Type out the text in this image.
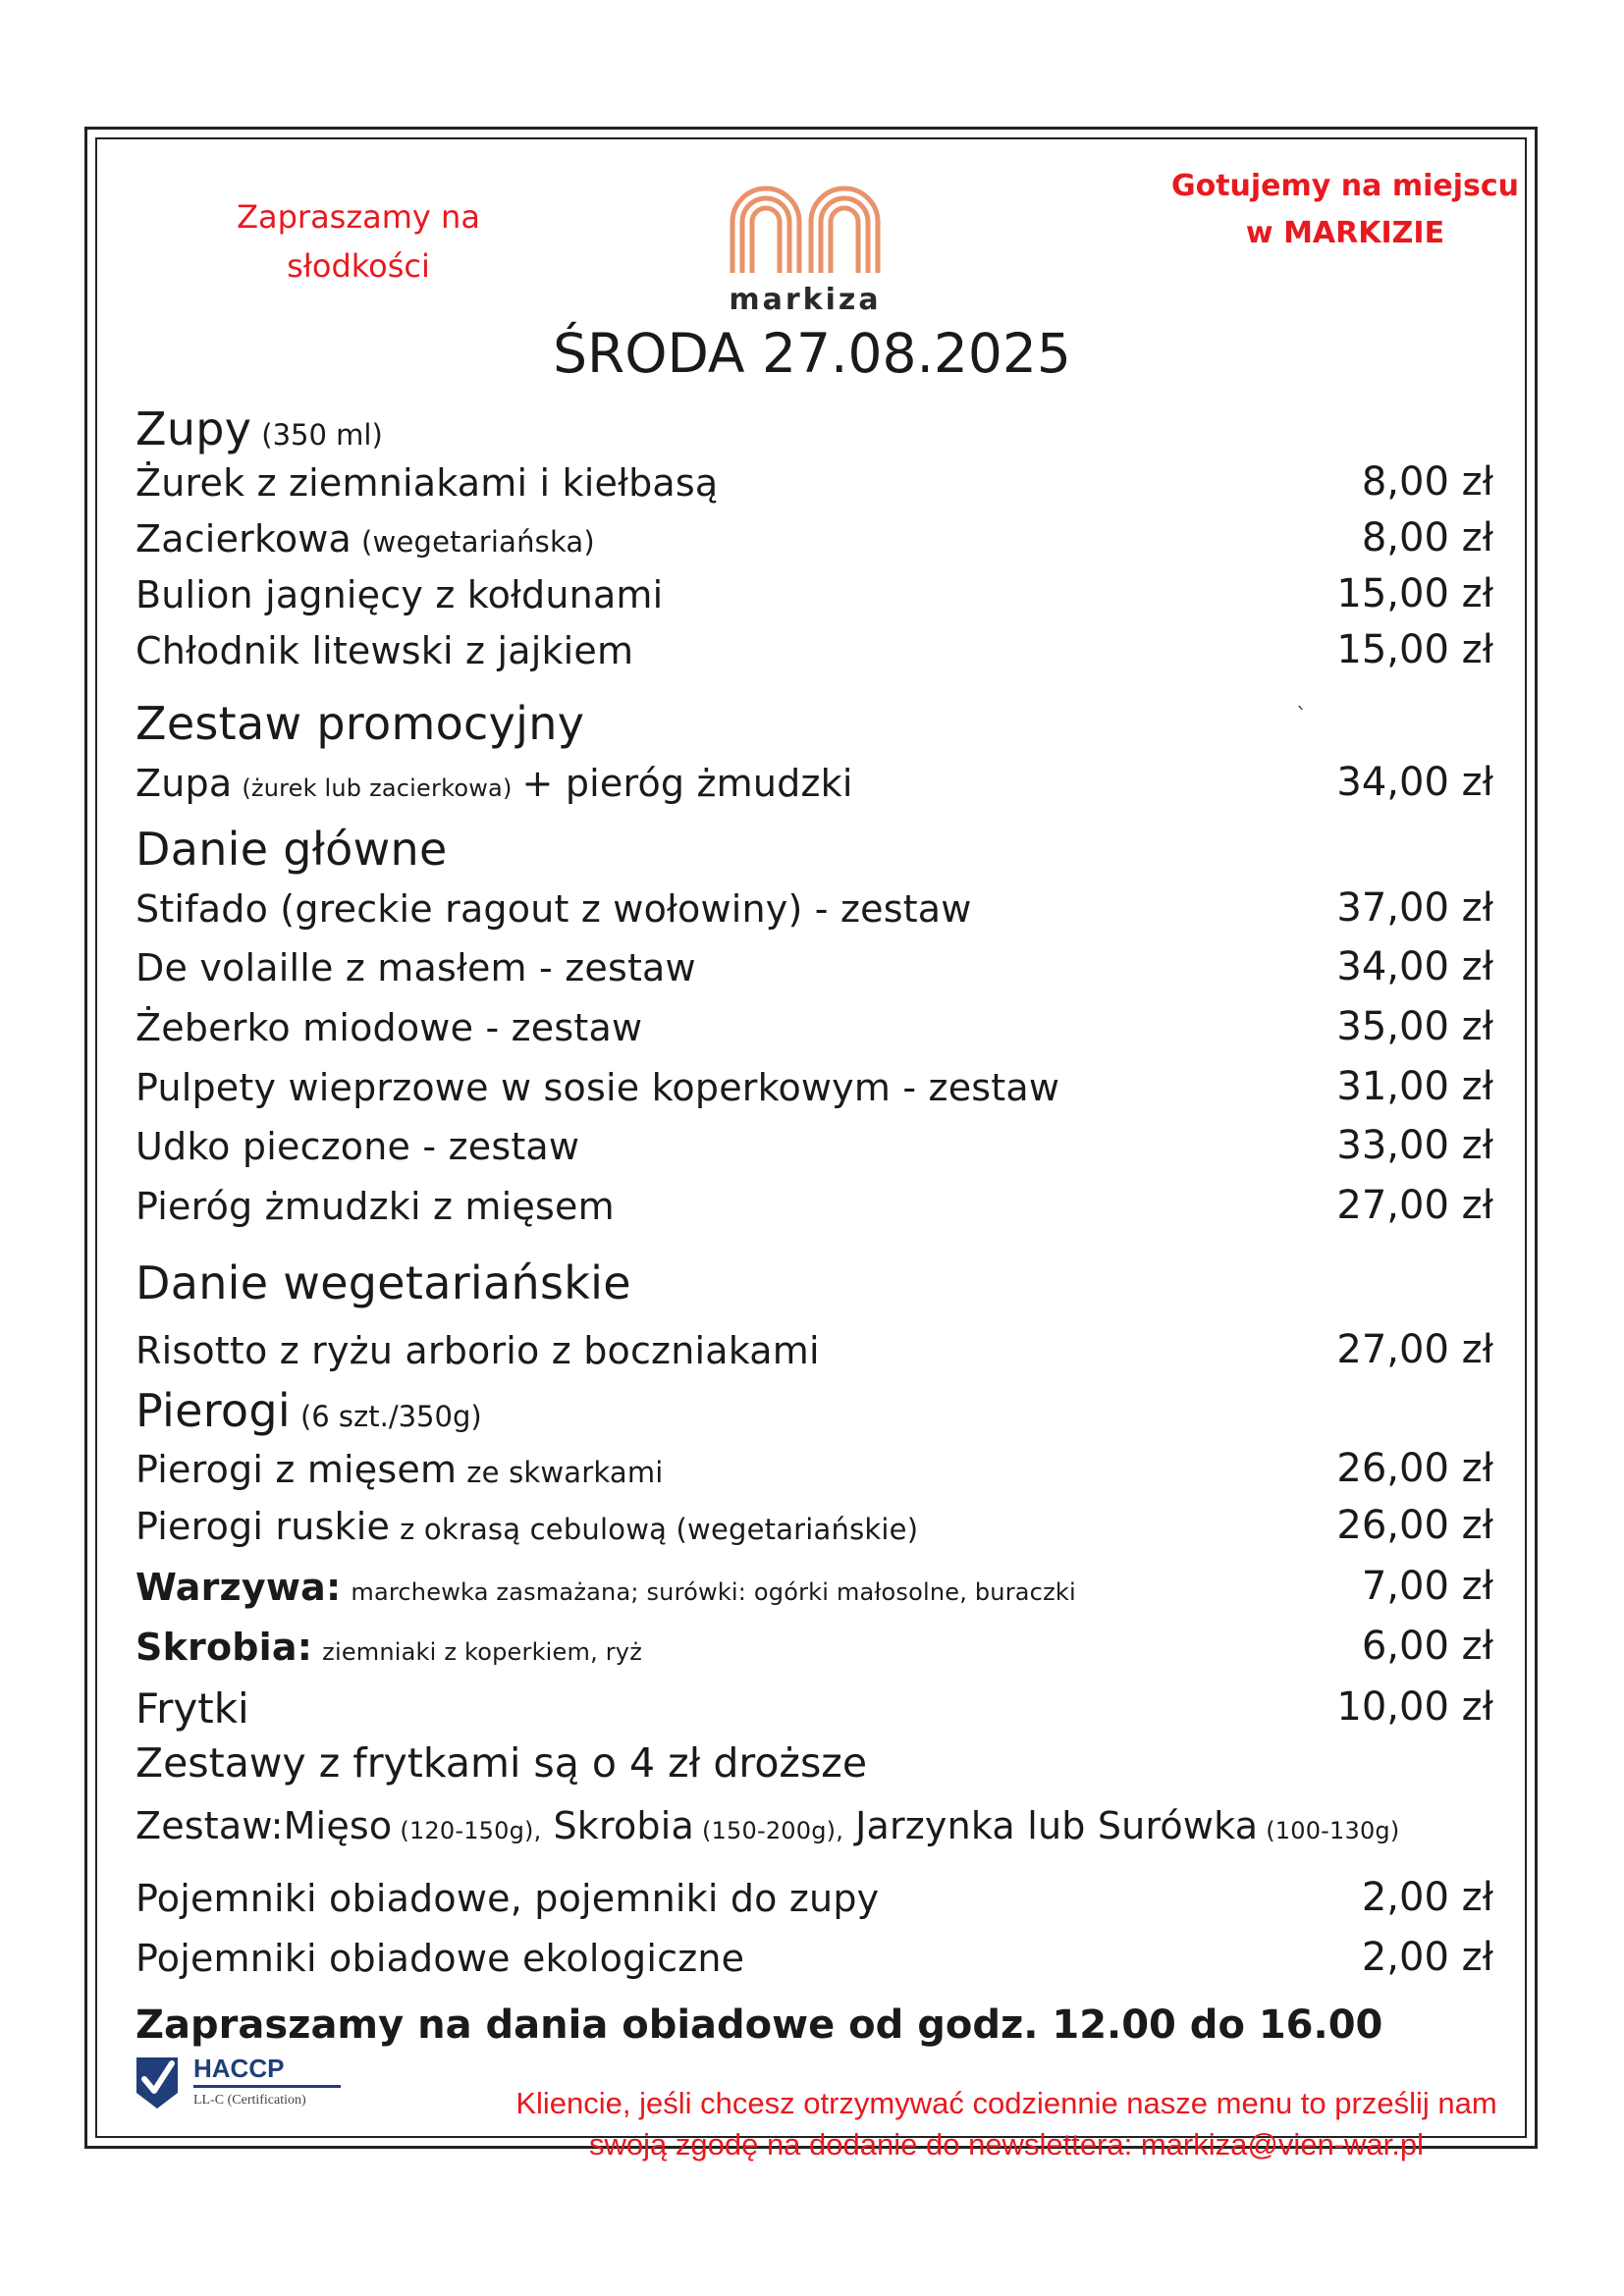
Zapraszamy na
słodkości
markiza
Gotujemy na miejscu
w MARKIZIE
ŚRODA 27.08.2025
Zupy (350 ml)
Żurek z ziemniakami i kiełbasą	8,00 zł
Zacierkowa (wegetariańska)	8,00 zł
Bulion jagnięcy z kołdunami	15,00 zł
Chłodnik litewski z jajkiem	15,00 zł
Zestaw promocyjny	`
Zupa (żurek lub zacierkowa) + pieróg żmudzki	34,00 zł
Danie główne
Stifado (greckie ragout z wołowiny) - zestaw	37,00 zł
De volaille z masłem - zestaw	34,00 zł
Żeberko miodowe - zestaw	35,00 zł
Pulpety wieprzowe w sosie koperkowym - zestaw	31,00 zł
Udko pieczone - zestaw	33,00 zł
Pieróg żmudzki z mięsem	27,00 zł
Danie wegetariańskie
Risotto z ryżu arborio z boczniakami	27,00 zł
Pierogi (6 szt./350g)
Pierogi z mięsem ze skwarkami	26,00 zł
Pierogi ruskie z okrasą cebulową (wegetariańskie)	26,00 zł
Warzywa: marchewka zasmażana; surówki: ogórki małosolne, buraczki	7,00 zł
Skrobia: ziemniaki z koperkiem, ryż	6,00 zł
Frytki	10,00 zł
Zestawy z frytkami są o 4 zł droższe
Zestaw:Mięso (120-150g), Skrobia (150-200g), Jarzynka lub Surówka (100-130g)
Pojemniki obiadowe, pojemniki do zupy	2,00 zł
Pojemniki obiadowe ekologiczne	2,00 zł
Zapraszamy na dania obiadowe od godz. 12.00 do 16.00
HACCP
LL-C (Certification)	Kliencie, jeśli chcesz otrzymywać codziennie nasze menu to prześlij nam
swoją zgodę na dodanie do newslettera: markiza@vien-war.pl
